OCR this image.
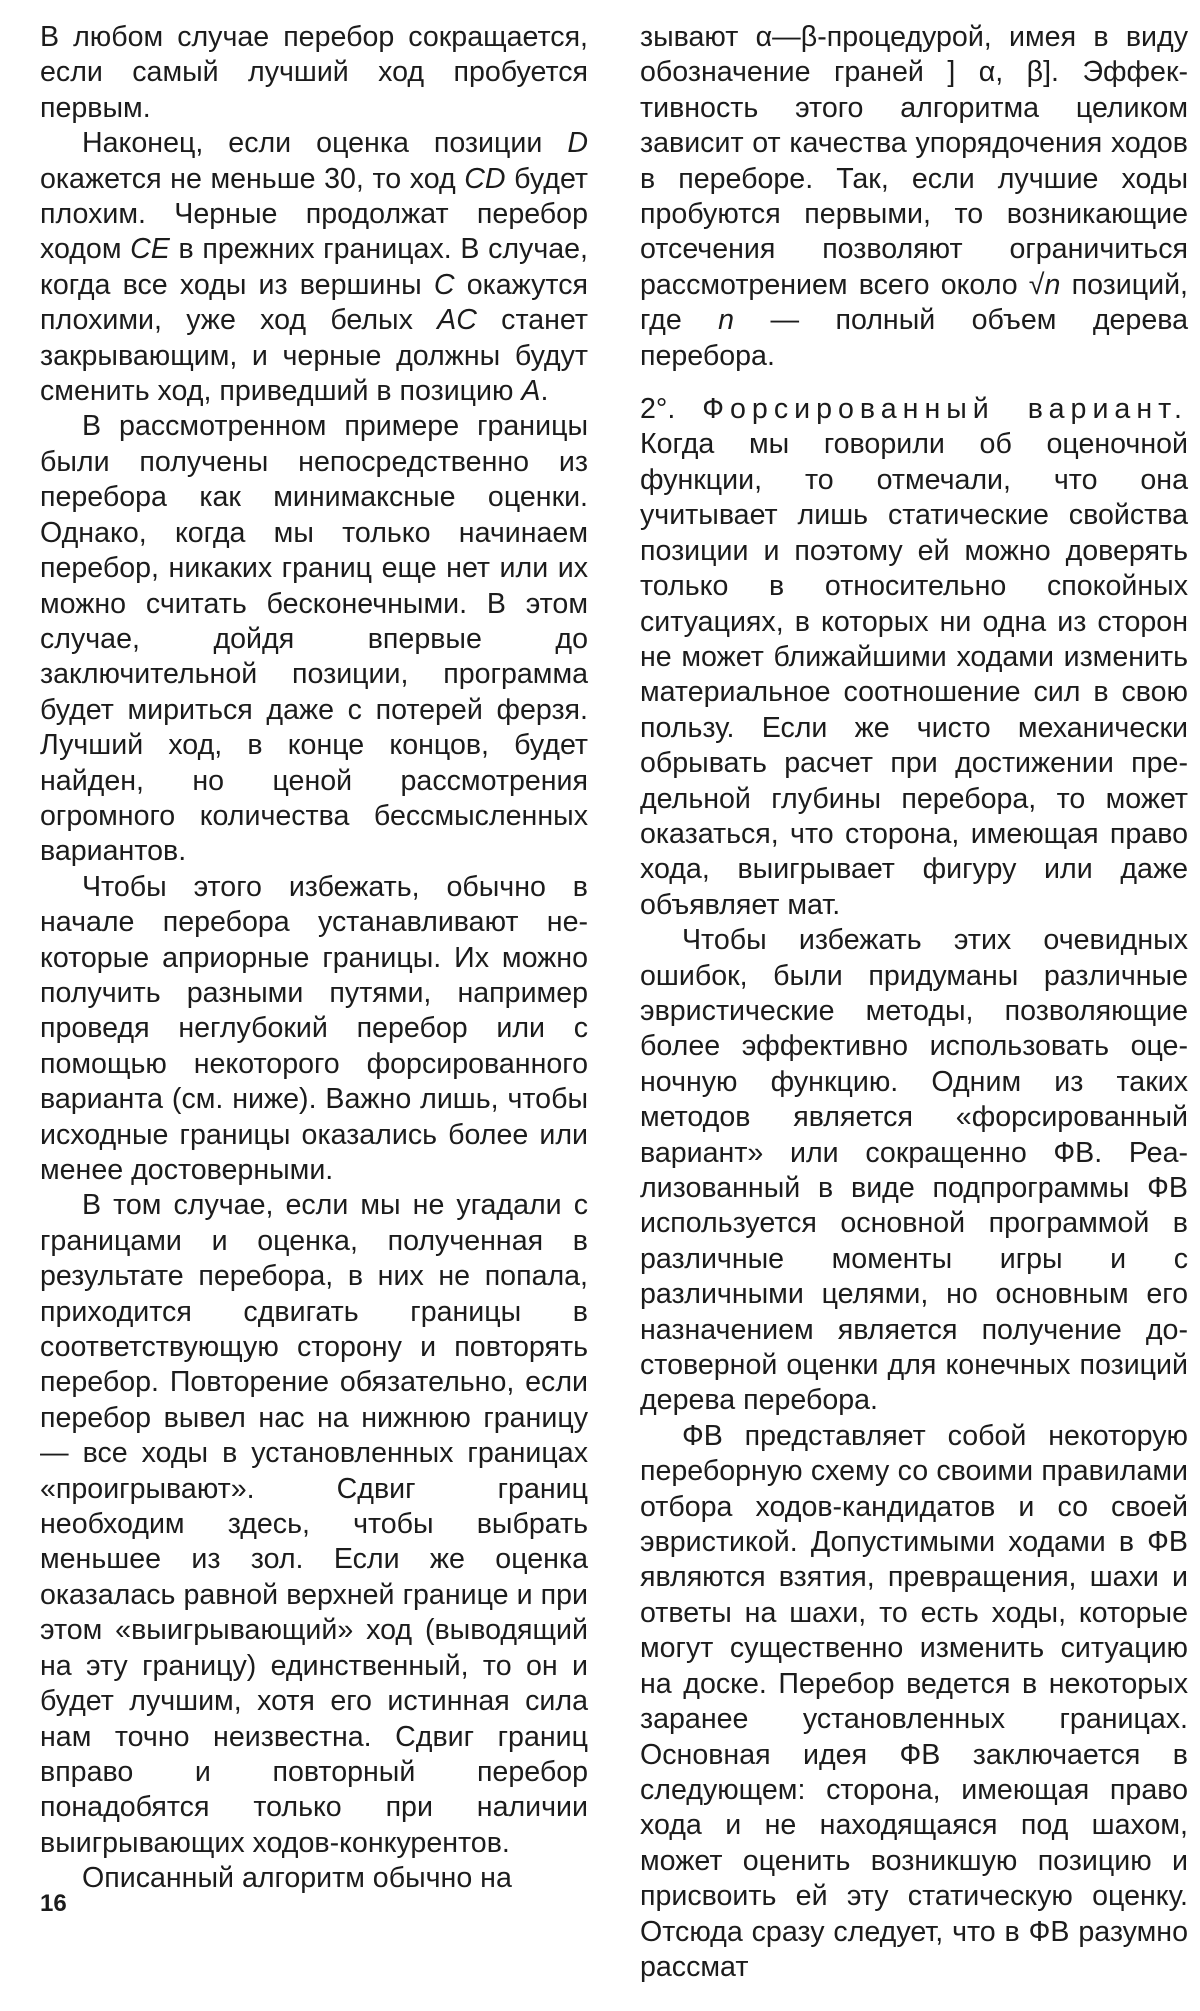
В любом случае перебор сокращается, если самый лучший ход пробуется первым.

Наконец, если оценка позиции D окажется не меньше 30, то ход CD будет плохим. Черные продолжат перебор ходом CE в прежних границах. В случае, когда все ходы из вершины С окажутся плохими, уже ход белых AC станет закрывающим, и черные должны будут сменить ход, приведший в позицию A.

В рассмотренном примере границы были получены непосредственно из перебора как минимаксные оценки. Однако, когда мы только начинаем перебор, никаких границ еще нет или их можно считать бесконечными. В этом случае, дойдя впервые до заключительной позиции, программа будет мириться даже с потерей ферзя. Лучший ход, в конце концов, будет найден, но ценой рассмотрения огромного количества бессмысленных вариантов.

Чтобы этого избежать, обычно в начале перебора устанавливают некоторые априорные границы. Их можно получить разными путями, например проведя неглубокий перебор или с помощью некоторого форсированного варианта (см. ниже). Важно лишь, чтобы исходные границы оказались более или менее достоверными.

В том случае, если мы не угадали с границами и оценка, полученная в результате перебора, в них не попала, приходится сдвигать границы в соответствующую сторону и повторять перебор. Повторение обязательно, если перебор вывел нас на нижнюю границу — все ходы в установленных границах «проигрывают». Сдвиг границ необходим здесь, чтобы выбрать меньшее из зол. Если же оценка оказалась равной верхней границе и при этом «выигрывающий» ход (выводящий на эту границу) единственный, то он и будет лучшим, хотя его истинная сила нам точно неизвестна. Сдвиг границ вправо и повторный перебор понадобятся только при наличии выигрывающих ходов-конкурентов.

Описанный алгоритм обычно на

зывают α—β-процедурой, имея в виду обозначение граней ] α, β]. Эффективность этого алгоритма целиком зависит от качества упорядочения ходов в переборе. Так, если лучшие ходы пробуются первыми, то возникающие отсечения позволяют ограничиться рассмотрением всего около √n позиций, где n — полный объем дерева перебора.

2°. Форсированный вариант. Когда мы говорили об оценочной функции, то отмечали, что она учитывает лишь статические свойства позиции и поэтому ей можно доверять только в относительно спокойных ситуациях, в которых ни одна из сторон не может ближайшими ходами изменить материальное соотношение сил в свою пользу. Если же чисто механически обрывать расчет при достижении предельной глубины перебора, то может оказаться, что сторона, имеющая право хода, выигрывает фигуру или даже объявляет мат.

Чтобы избежать этих очевидных ошибок, были придуманы различные эвристические методы, позволяющие более эффективно использовать оценочную функцию. Одним из таких методов является «форсированный вариант» или сокращенно ФВ. Реализованный в виде подпрограммы ФВ используется основной программой в различные моменты игры и с различными целями, но основным его назначением является получение достоверной оценки для конечных позиций дерева перебора.

ФВ представляет собой некоторую переборную схему со своими правилами отбора ходов-кандидатов и со своей эвристикой. Допустимыми ходами в ФВ являются взятия, превращения, шахи и ответы на шахи, то есть ходы, которые могут существенно изменить ситуацию на доске. Перебор ведется в некоторых заранее установленных границах. Основная идея ФВ заключается в следующем: сторона, имеющая право хода и не находящаяся под шахом, может оценить возникшую позицию и присвоить ей эту статическую оценку. Отсюда сразу следует, что в ФВ разумно рассмат

16
